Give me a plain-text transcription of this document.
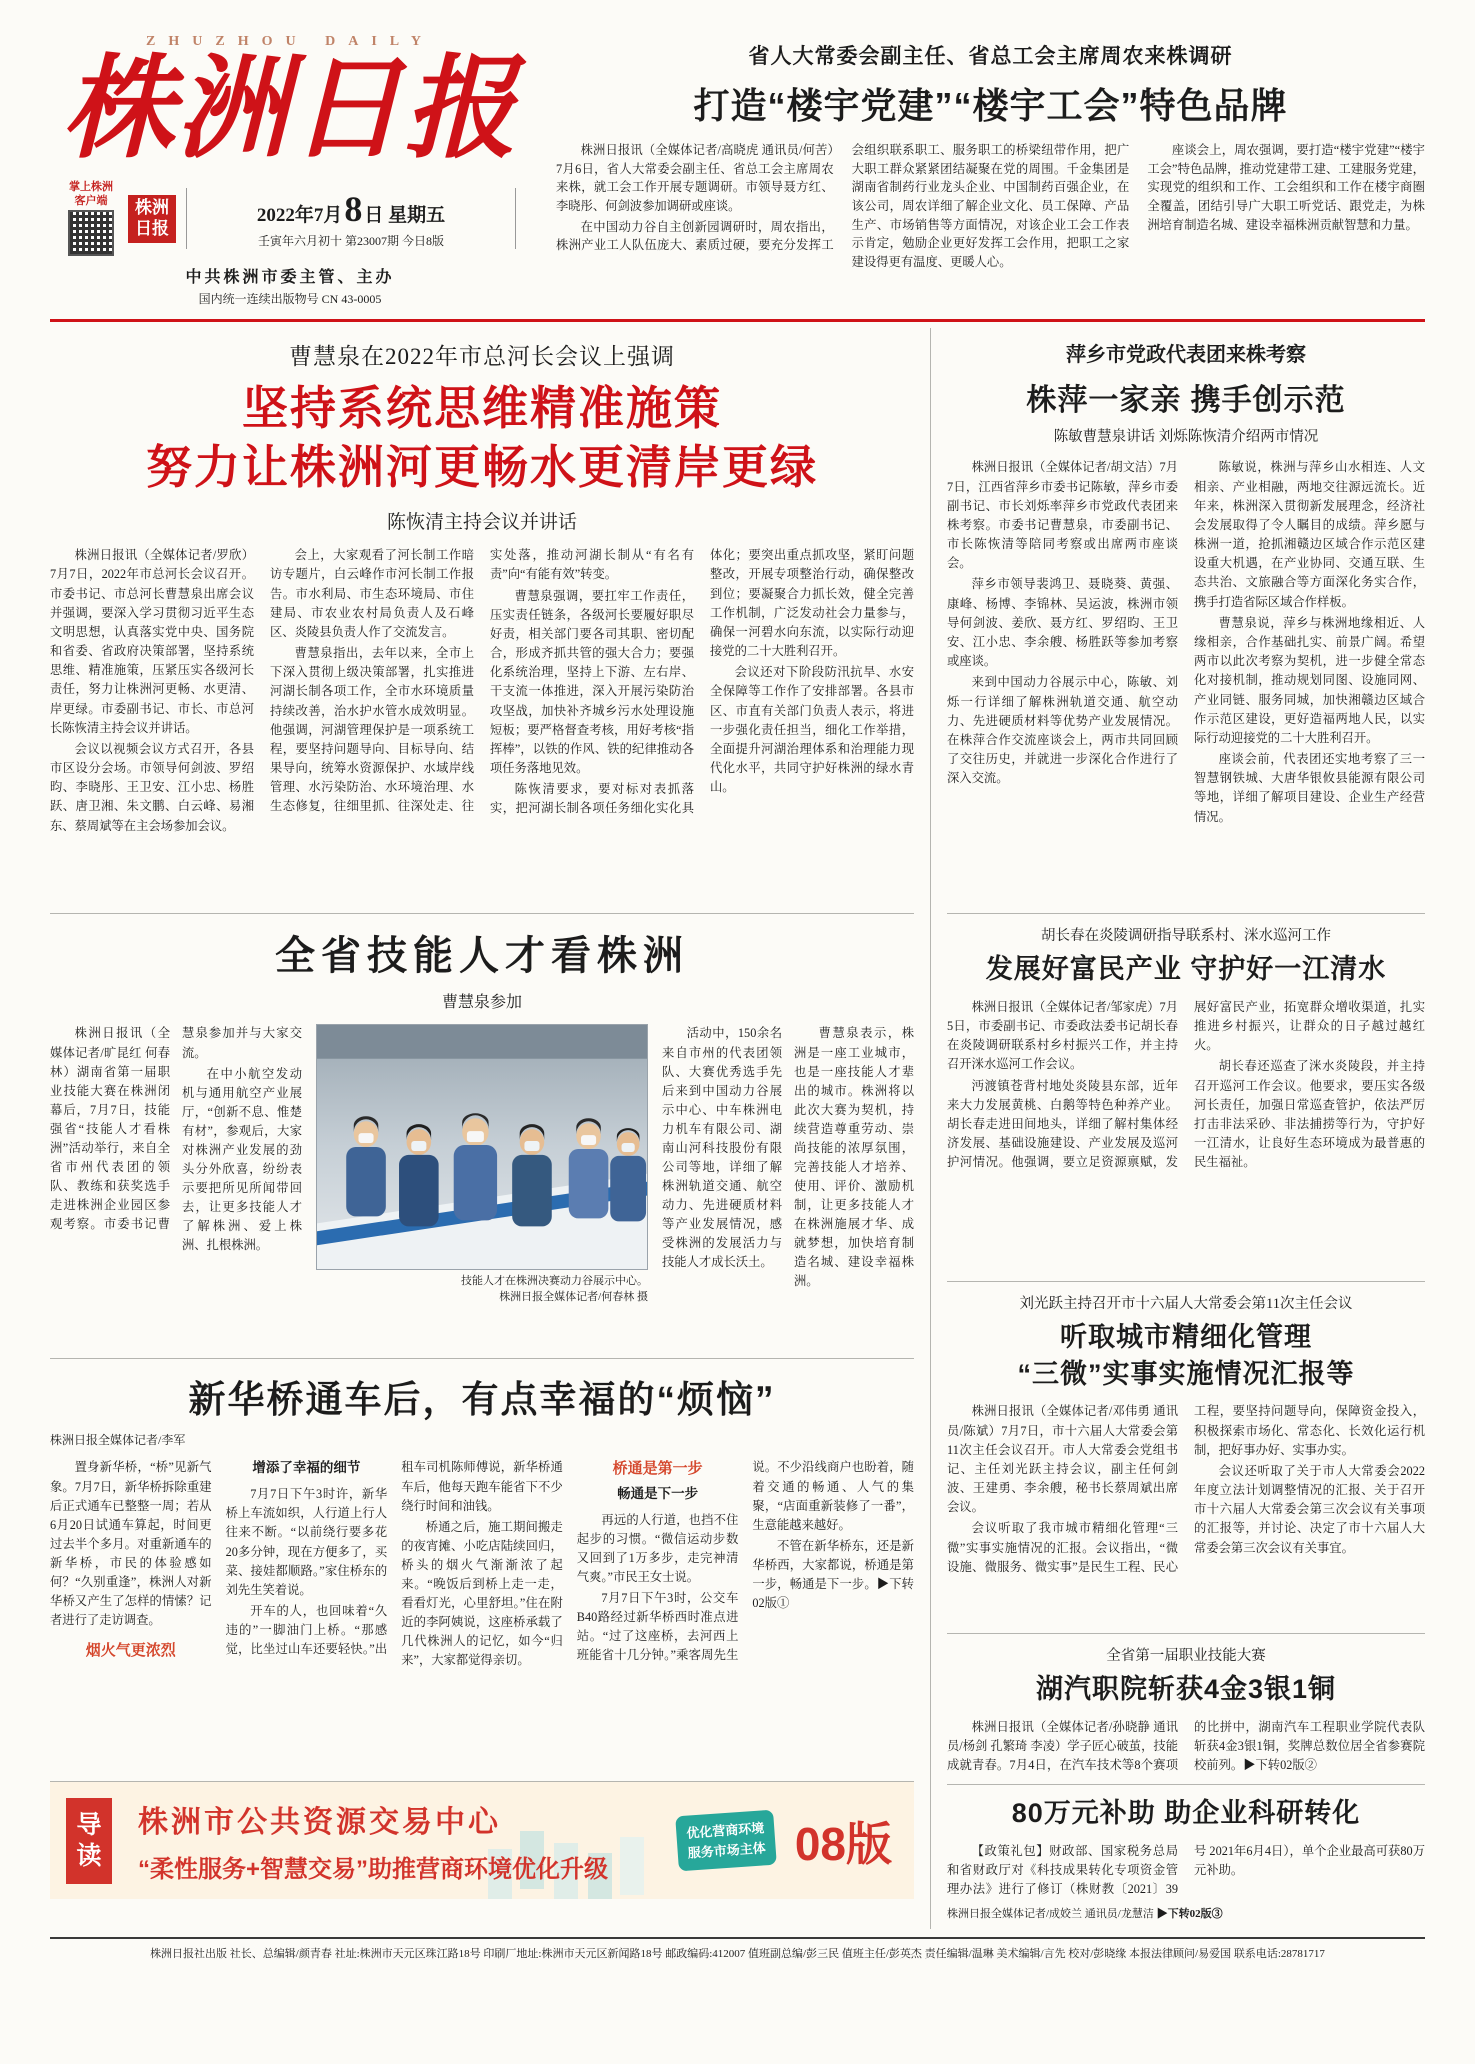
ZHUZHOU DAILY
株洲日报
掌上株洲 客户端	株洲日报
2022年7月8 日 星期五
壬寅年六月初十 第23007期 今日8版
中共株洲市委主管、主办
国内统一连续出版物号 CN 43-0005
省人大常委会副主任、省总工会主席周农来株调研
打造“楼宇党建”“楼宇工会”特色品牌

株洲日报讯（全媒体记者/高晓虎 通讯员/何苦）7月6日，省人大常委会副主任、省总工会主席周农来株，就工会工作开展专题调研。市领导聂方红、李晓彤、何剑波参加调研或座谈。

在中国动力谷自主创新园调研时，周农指出，株洲产业工人队伍庞大、素质过硬，要充分发挥工会组织联系职工、服务职工的桥梁纽带作用，把广大职工群众紧紧团结凝聚在党的周围。千金集团是湖南省制药行业龙头企业、中国制药百强企业，在该公司，周农详细了解企业文化、员工保障、产品生产、市场销售等方面情况，对该企业工会工作表示肯定，勉励企业更好发挥工会作用，把职工之家建设得更有温度、更暖人心。

座谈会上，周农强调，要打造“楼宇党建”“楼宇工会”特色品牌，推动党建带工建、工建服务党建，实现党的组织和工作、工会组织和工作在楼宇商圈全覆盖，团结引导广大职工听党话、跟党走，为株洲培育制造名城、建设幸福株洲贡献智慧和力量。

曹慧泉在2022年市总河长会议上强调
坚持系统思维精准施策
努力让株洲河更畅水更清岸更绿
陈恢清主持会议并讲话

株洲日报讯（全媒体记者/罗欣）7月7日，2022年市总河长会议召开。市委书记、市总河长曹慧泉出席会议并强调，要深入学习贯彻习近平生态文明思想，认真落实党中央、国务院和省委、省政府决策部署，坚持系统思维、精准施策，压紧压实各级河长责任，努力让株洲河更畅、水更清、岸更绿。市委副书记、市长、市总河长陈恢清主持会议并讲话。

会议以视频会议方式召开，各县市区设分会场。市领导何剑波、罗绍昀、李晓彤、王卫安、江小忠、杨胜跃、唐卫湘、朱文鹏、白云峰、易湘东、蔡周斌等在主会场参加会议。

会上，大家观看了河长制工作暗访专题片，白云峰作市河长制工作报告。市水利局、市生态环境局、市住建局、市农业农村局负责人及石峰区、炎陵县负责人作了交流发言。

曹慧泉指出，去年以来，全市上下深入贯彻上级决策部署，扎实推进河湖长制各项工作，全市水环境质量持续改善，治水护水管水成效明显。他强调，河湖管理保护是一项系统工程，要坚持问题导向、目标导向、结果导向，统筹水资源保护、水域岸线管理、水污染防治、水环境治理、水生态修复，往细里抓、往深处走、往实处落，推动河湖长制从“有名有责”向“有能有效”转变。

曹慧泉强调，要扛牢工作责任，压实责任链条，各级河长要履好职尽好责，相关部门要各司其职、密切配合，形成齐抓共管的强大合力；要强化系统治理，坚持上下游、左右岸、干支流一体推进，深入开展污染防治攻坚战，加快补齐城乡污水处理设施短板；要严格督查考核，用好考核“指挥棒”，以铁的作风、铁的纪律推动各项任务落地见效。

陈恢清要求，要对标对表抓落实，把河湖长制各项任务细化实化具体化；要突出重点抓攻坚，紧盯问题整改，开展专项整治行动，确保整改到位；要凝聚合力抓长效，健全完善工作机制，广泛发动社会力量参与，确保一河碧水向东流，以实际行动迎接党的二十大胜利召开。

会议还对下阶段防汛抗旱、水安全保障等工作作了安排部署。各县市区、市直有关部门负责人表示，将进一步强化责任担当，细化工作举措，全面提升河湖治理体系和治理能力现代化水平，共同守护好株洲的绿水青山。

全省技能人才看株洲
曹慧泉参加

株洲日报讯（全媒体记者/旷昆红 何春林）湖南省第一届职业技能大赛在株洲闭幕后，7月7日，技能强省“技能人才看株洲”活动举行，来自全省市州代表团的领队、教练和获奖选手走进株洲企业园区参观考察。市委书记曹慧泉参加并与大家交流。

在中小航空发动机与通用航空产业展厅，“创新不息、惟楚有材”，参观后，大家对株洲产业发展的劲头分外欣喜，纷纷表示要把所见所闻带回去，让更多技能人才了解株洲、爱上株洲、扎根株洲。

技能人才在株洲决赛动力谷展示中心。
株洲日报全媒体记者/何春林 摄

活动中，150余名来自市州的代表团领队、大赛优秀选手先后来到中国动力谷展示中心、中车株洲电力机车有限公司、湖南山河科技股份有限公司等地，详细了解株洲轨道交通、航空动力、先进硬质材料等产业发展情况，感受株洲的发展活力与技能人才成长沃土。

曹慧泉表示，株洲是一座工业城市，也是一座技能人才辈出的城市。株洲将以此次大赛为契机，持续营造尊重劳动、崇尚技能的浓厚氛围，完善技能人才培养、使用、评价、激励机制，让更多技能人才在株洲施展才华、成就梦想，加快培育制造名城、建设幸福株洲。

新华桥通车后，有点幸福的“烦恼”
株洲日报全媒体记者/李军

置身新华桥，“桥”见新气象。7月7日，新华桥拆除重建后正式通车已整整一周；若从6月20日试通车算起，时间更过去半个多月。对重新通车的新华桥，市民的体验感如何？“久别重逢”，株洲人对新华桥又产生了怎样的情愫？记者进行了走访调查。

烟火气更浓烈
增添了幸福的细节

7月7日下午3时许，新华桥上车流如织，人行道上行人往来不断。“以前绕行要多花20多分钟，现在方便多了，买菜、接娃都顺路。”家住桥东的刘先生笑着说。

开车的人，也回味着“久违的”一脚油门上桥。“那感觉，比坐过山车还要轻快。”出租车司机陈师傅说，新华桥通车后，他每天跑车能省下不少绕行时间和油钱。

桥通之后，施工期间搬走的夜宵摊、小吃店陆续回归，桥头的烟火气渐渐浓了起来。“晚饭后到桥上走一走，看看灯光，心里舒坦。”住在附近的李阿姨说，这座桥承载了几代株洲人的记忆，如今“归来”，大家都觉得亲切。

桥通是第一步
畅通是下一步

再远的人行道，也挡不住起步的习惯。“微信运动步数又回到了1万多步，走完神清气爽。”市民王女士说。

7月7日下午3时，公交车B40路经过新华桥西时准点进站。“过了这座桥，去河西上班能省十几分钟。”乘客周先生说。不少沿线商户也盼着，随着交通的畅通、人气的集聚，“店面重新装修了一番”，生意能越来越好。

不管在新华桥东，还是新华桥西，大家都说，桥通是第一步，畅通是下一步。▶下转02版①

导读
株洲市公共资源交易中心
“柔性服务+智慧交易”助推营商环境优化升级
优化营商环境
服务市场主体 08版
萍乡市党政代表团来株考察
株萍一家亲 携手创示范
陈敏曹慧泉讲话 刘烁陈恢清介绍两市情况

株洲日报讯（全媒体记者/胡文洁）7月7日，江西省萍乡市委书记陈敏，萍乡市委副书记、市长刘烁率萍乡市党政代表团来株考察。市委书记曹慧泉，市委副书记、市长陈恢清等陪同考察或出席两市座谈会。

萍乡市领导裴鸿卫、聂晓葵、黄强、康峰、杨博、李锦林、吴运波，株洲市领导何剑波、姜欣、聂方红、罗绍昀、王卫安、江小忠、李余艘、杨胜跃等参加考察或座谈。

来到中国动力谷展示中心，陈敏、刘烁一行详细了解株洲轨道交通、航空动力、先进硬质材料等优势产业发展情况。在株萍合作交流座谈会上，两市共同回顾了交往历史，并就进一步深化合作进行了深入交流。

陈敏说，株洲与萍乡山水相连、人文相亲、产业相融，两地交往源远流长。近年来，株洲深入贯彻新发展理念，经济社会发展取得了令人瞩目的成绩。萍乡愿与株洲一道，抢抓湘赣边区域合作示范区建设重大机遇，在产业协同、交通互联、生态共治、文旅融合等方面深化务实合作，携手打造省际区域合作样板。

曹慧泉说，萍乡与株洲地缘相近、人缘相亲，合作基础扎实、前景广阔。希望两市以此次考察为契机，进一步健全常态化对接机制，推动规划同图、设施同网、产业同链、服务同城，加快湘赣边区域合作示范区建设，更好造福两地人民，以实际行动迎接党的二十大胜利召开。

座谈会前，代表团还实地考察了三一智慧钢铁城、大唐华银攸县能源有限公司等地，详细了解项目建设、企业生产经营情况。

胡长春在炎陵调研指导联系村、洣水巡河工作
发展好富民产业 守护好一江清水

株洲日报讯（全媒体记者/邹家虎）7月5日，市委副书记、市委政法委书记胡长春在炎陵调研联系村乡村振兴工作，并主持召开洣水巡河工作会议。

沔渡镇苍背村地处炎陵县东部，近年来大力发展黄桃、白鹅等特色种养产业。胡长春走进田间地头，详细了解村集体经济发展、基础设施建设、产业发展及巡河护河情况。他强调，要立足资源禀赋，发展好富民产业，拓宽群众增收渠道，扎实推进乡村振兴，让群众的日子越过越红火。

胡长春还巡查了洣水炎陵段，并主持召开巡河工作会议。他要求，要压实各级河长责任，加强日常巡查管护，依法严厉打击非法采砂、非法捕捞等行为，守护好一江清水，让良好生态环境成为最普惠的民生福祉。

刘光跃主持召开市十六届人大常委会第11次主任会议
听取城市精细化管理
“三微”实事实施情况汇报等

株洲日报讯（全媒体记者/邓伟勇 通讯员/陈斌）7月7日，市十六届人大常委会第11次主任会议召开。市人大常委会党组书记、主任刘光跃主持会议，副主任何剑波、王建勇、李余艘，秘书长蔡周斌出席会议。

会议听取了我市城市精细化管理“三微”实事实施情况的汇报。会议指出，“微设施、微服务、微实事”是民生工程、民心工程，要坚持问题导向，保障资金投入，积极探索市场化、常态化、长效化运行机制，把好事办好、实事办实。

会议还听取了关于市人大常委会2022年度立法计划调整情况的汇报、关于召开市十六届人大常委会第三次会议有关事项的汇报等，并讨论、决定了市十六届人大常委会第三次会议有关事宜。

全省第一届职业技能大赛
湖汽职院斩获4金3银1铜

株洲日报讯（全媒体记者/孙晓静 通讯员/杨剑 孔繁琦 李凌）学子匠心破茧，技能成就青春。7月4日，在汽车技术等8个赛项的比拼中，湖南汽车工程职业学院代表队斩获4金3银1铜，奖牌总数位居全省参赛院校前列。▶下转02版②

80万元补助 助企业科研转化

【政策礼包】财政部、国家税务总局和省财政厅对《科技成果转化专项资金管理办法》进行了修订（株财教〔2021〕39号 2021年6月4日），单个企业最高可获80万元补助。

株洲日报全媒体记者/成姣兰 通讯员/龙慧洁 ▶下转02版③
株洲日报社出版 社长、总编辑/颜青春 社址:株洲市天元区珠江路18号 印刷厂地址:株洲市天元区新闻路18号 邮政编码:412007 值班副总编/彭三民 值班主任/彭英杰 责任编辑/温琳 美术编辑/言先 校对/彭晓缘 本报法律顾问/易爱国 联系电话:28781717
